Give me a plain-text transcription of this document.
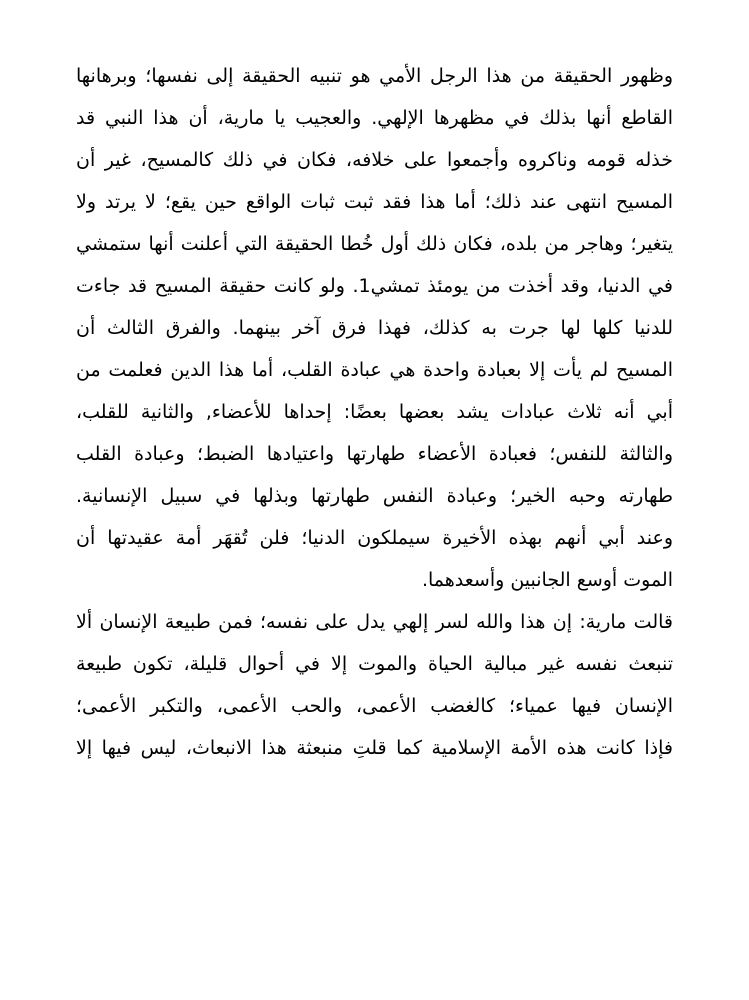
وظهور الحقيقة من هذا الرجل الأمي هو تنبيه الحقيقة إلى نفسها؛ وبرهانها
القاطع أنها بذلك في مظهرها الإلهي. والعجيب يا مارية، أن هذا النبي قد
خذله قومه وناكروه وأجمعوا على خلافه، فكان في ذلك كالمسيح، غير أن
المسيح انتهى عند ذلك؛ أما هذا فقد ثبت ثبات الواقع حين يقع؛ لا يرتد ولا
يتغير؛ وهاجر من بلده، فكان ذلك أول خُطا الحقيقة التي أعلنت أنها ستمشي
في الدنيا، وقد أخذت من يومئذ تمشي1. ولو كانت حقيقة المسيح قد جاءت
للدنيا كلها لها جرت به كذلك، فهذا فرق آخر بينهما. والفرق الثالث أن
المسيح لم يأت إلا بعبادة واحدة هي عبادة القلب، أما هذا الدين فعلمت من
أبي أنه ثلاث عبادات يشد بعضها بعضًا: إحداها للأعضاء, والثانية للقلب،
والثالثة للنفس؛ فعبادة الأعضاء طهارتها واعتيادها الضبط؛ وعبادة القلب
طهارته وحبه الخير؛ وعبادة النفس طهارتها وبذلها في سبيل الإنسانية.
وعند أبي أنهم بهذه الأخيرة سيملكون الدنيا؛ فلن تُقهَر أمة عقيدتها أن
الموت أوسع الجانبين وأسعدهما.
قالت مارية: إن هذا والله لسر إلهي يدل على نفسه؛ فمن طبيعة الإنسان ألا
تنبعث نفسه غير مبالية الحياة والموت إلا في أحوال قليلة، تكون طبيعة
الإنسان فيها عمياء؛ كالغضب الأعمى، والحب الأعمى، والتكبر الأعمى؛
فإذا كانت هذه الأمة الإسلامية كما قلتِ منبعثة هذا الانبعاث، ليس فيها إلا
